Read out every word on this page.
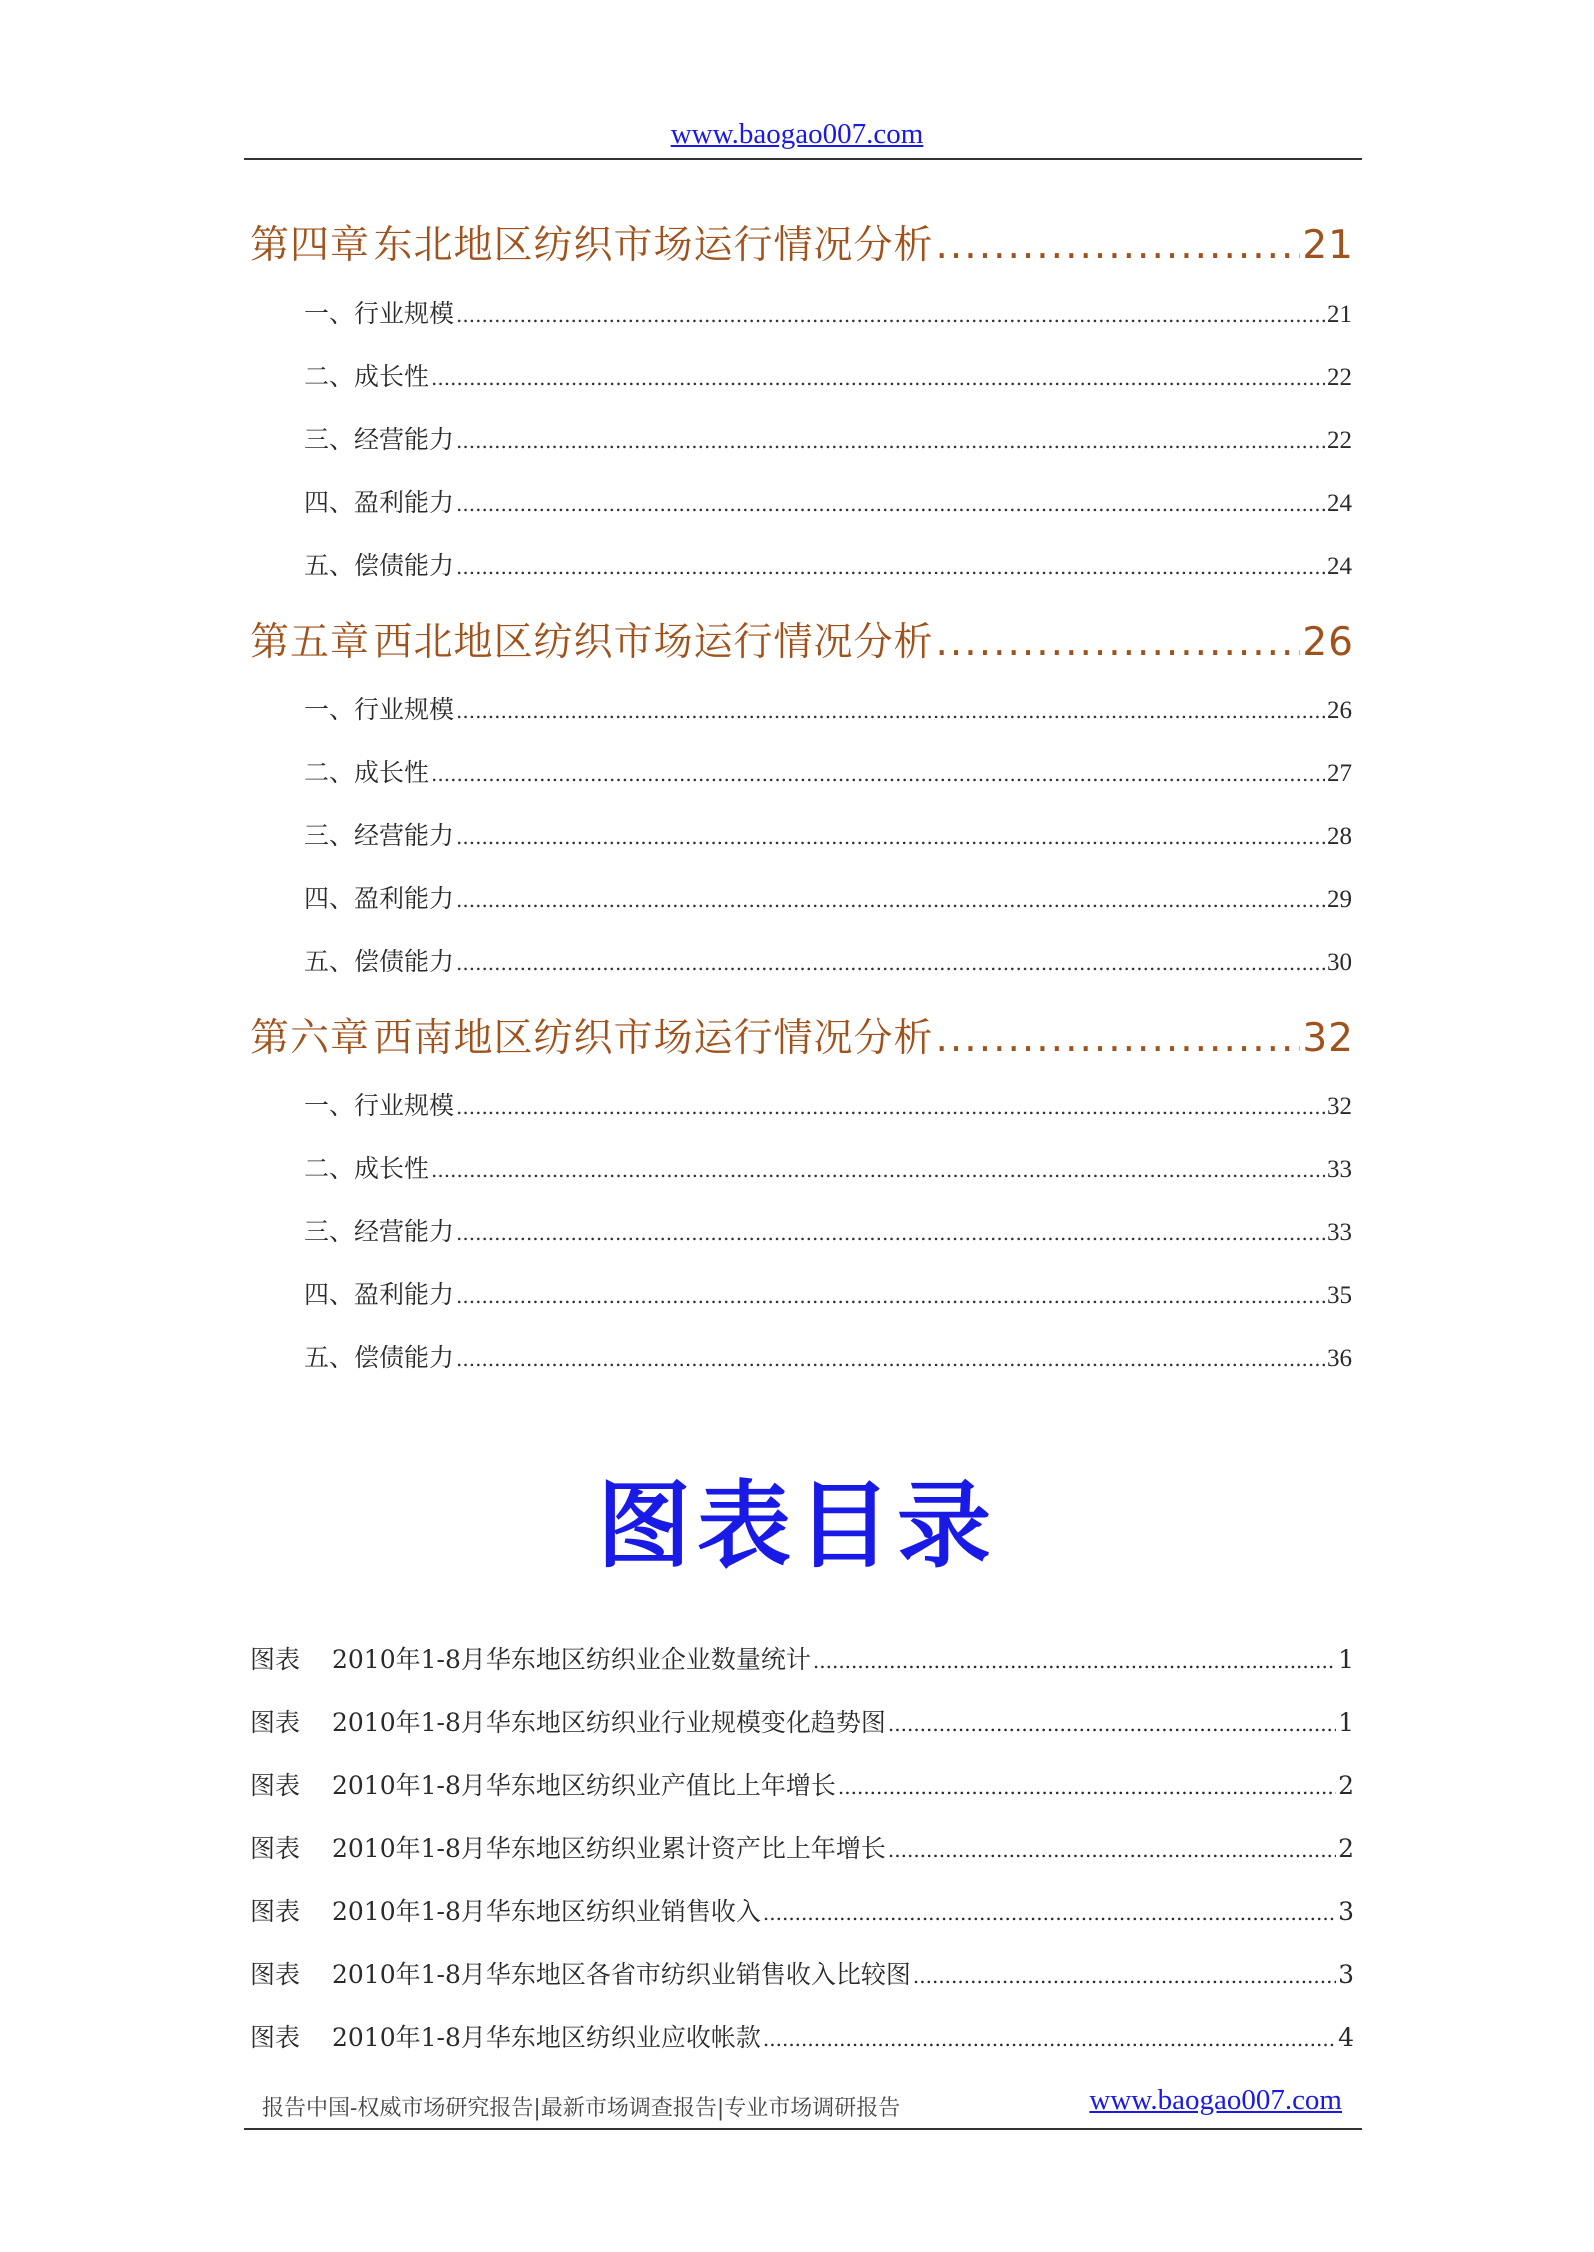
www.baogao007.com
第四章 东北地区纺织市场运行情况分析 .....	21
一、行业规模 .....	21
二、成长性 .....	22
三、经营能力 .....	22
四、盈利能力 .....	24
五、偿债能力 .....	24
第五章 西北地区纺织市场运行情况分析 .....	26
一、行业规模 .....	26
二、成长性 .....	27
三、经营能力 .....	28
四、盈利能力 .....	29
五、偿债能力 .....	30
第六章 西南地区纺织市场运行情况分析 .....	32
一、行业规模 .....	32
二、成长性 .....	33
三、经营能力 .....	33
四、盈利能力 .....	35
五、偿债能力 .....	36
图表目录
图表	2010年1-8月华东地区纺织业企业数量统计 .....	1
图表	2010年1-8月华东地区纺织业行业规模变化趋势图 .....	1
图表	2010年1-8月华东地区纺织业产值比上年增长 .....	2
图表	2010年1-8月华东地区纺织业累计资产比上年增长 .....	2
图表	2010年1-8月华东地区纺织业销售收入 .....	3
图表	2010年1-8月华东地区各省市纺织业销售收入比较图 .....	3
图表	2010年1-8月华东地区纺织业应收帐款 .....	4
报告中国-权威市场研究报告|最新市场调查报告|专业市场调研报告	www.baogao007.com
